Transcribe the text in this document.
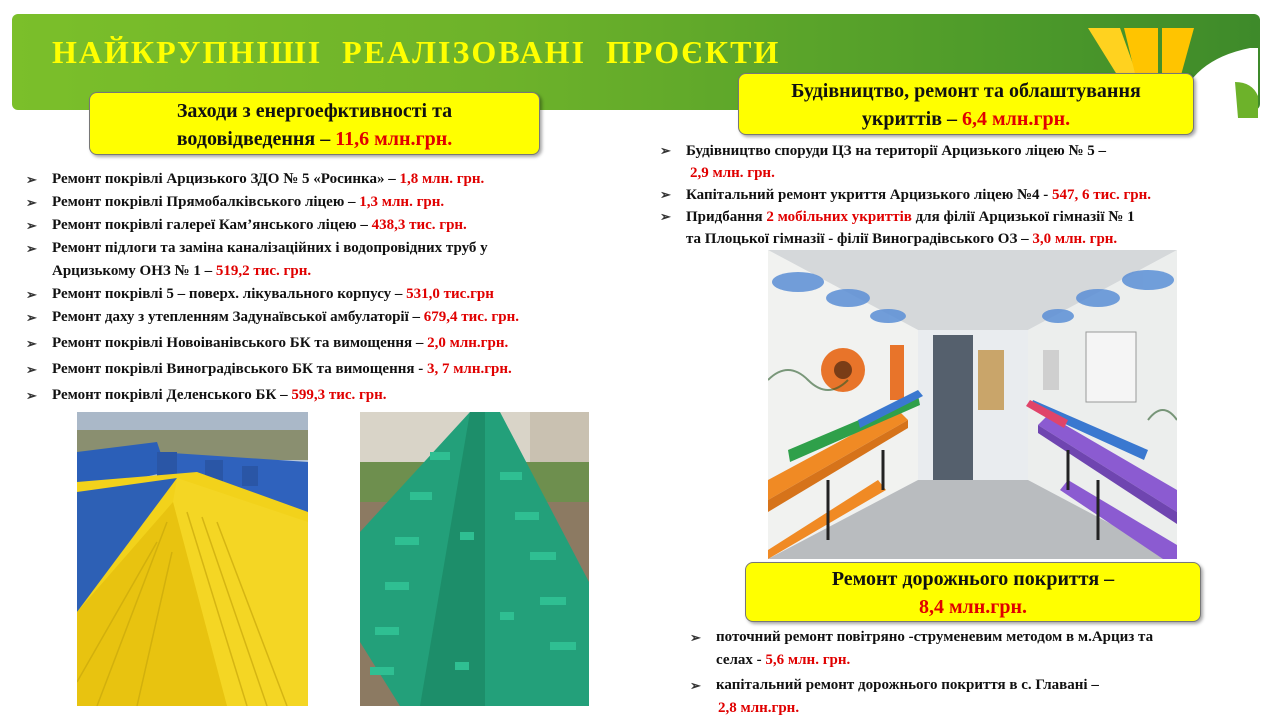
НАЙКРУПНІШІ  РЕАЛІЗОВАНІ  ПРОЄКТИ
Заходи з енергоефктивності та
водовідведення – 11,6 млн.грн.
➢ Ремонт покрівлі Арцизького ЗДО № 5 «Росинка» – 1,8 млн. грн.
➢ Ремонт покрівлі Прямобалківського ліцею – 1,3 млн. грн.
➢ Ремонт покрівлі галереї Кам’янського ліцею – 438,3 тис. грн.
➢ Ремонт підлоги та заміна каналізаційних і водопровідних труб у
Арцизькому ОНЗ № 1 – 519,2 тис. грн.
➢ Ремонт покрівлі 5 – поверх. лікувального корпусу – 531,0 тис.грн
➢ Ремонт даху з утепленням Задунаївської амбулаторії – 679,4 тис. грн.
➢ Ремонт покрівлі Новоіванівського БК та вимощення – 2,0 млн.грн.
➢ Ремонт покрівлі Виноградівського БК та вимощення - 3, 7 млн.грн.
➢ Ремонт покрівлі Деленського БК – 599,3 тис. грн.
Будівництво, ремонт та облаштування
укриттів – 6,4 млн.грн.
➢ Будівництво споруди ЦЗ на території Арцизького ліцею № 5 –
2,9 млн. грн.
➢ Капітальний ремонт укриття Арцизького ліцею №4 - 547, 6 тис. грн.
➢ Придбання 2 мобільних укриттів для філії Арцизької гімназії № 1
та Плоцької гімназії - філії Виноградівського ОЗ – 3,0 млн. грн.
Ремонт дорожнього покриття –
8,4 млн.грн.
➢ поточний ремонт повітряно -струменевим методом в м.Арциз та
селах - 5,6 млн. грн.
➢ капітальний ремонт дорожнього покриття в с. Главані –
2,8 млн.грн.
